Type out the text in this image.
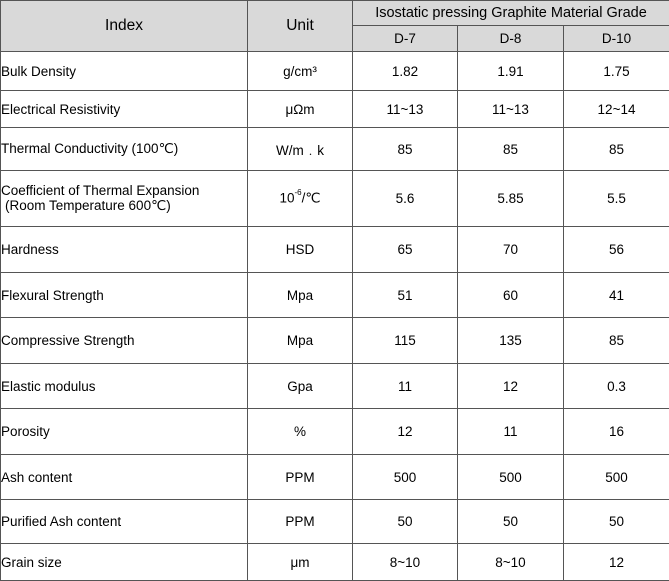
Index	Unit	Isostatic pressing Graphite Material Grade		
		D-7	D-8	D-10
Bulk Density	g/cm³	1.82	1.91	1.75
Electrical Resistivity	μΩm	11~13	11~13	12~14
Thermal Conductivity (100℃)	W/m﹒k	85	85	85

Coefficient of Thermal Expansion
(Room Temperature 600℃)	$10^{-6}/℃$	5.6	5.85	5.5
Hardness	HSD	65	70	56
Flexural Strength	Mpa	51	60	41
Compressive Strength	Mpa	115	135	85
Elastic modulus	Gpa	11	12	0.3
Porosity	%	12	11	16
Ash content	PPM	500	500	500
Purified Ash content	PPM	50	50	50
Grain size	μm	8~10	8~10	12
